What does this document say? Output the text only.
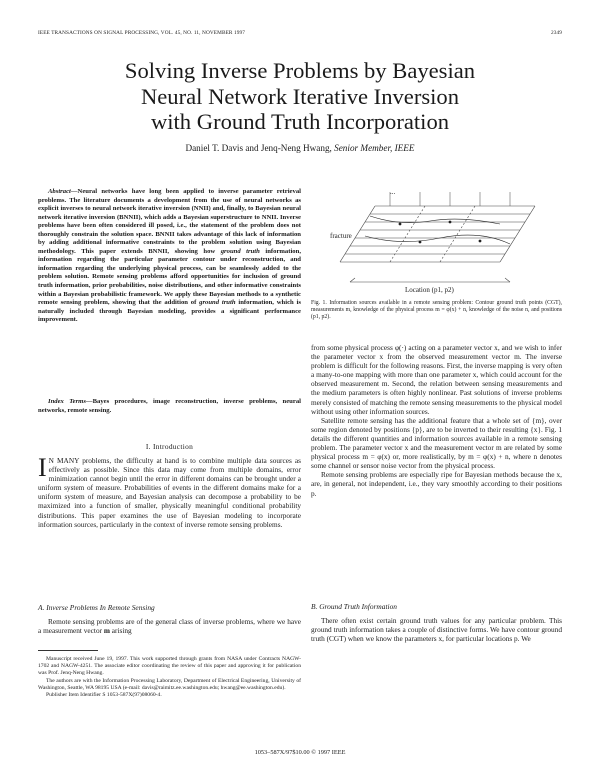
IEEE TRANSACTIONS ON SIGNAL PROCESSING, VOL. 45, NO. 11, NOVEMBER 1997	2349
Solving Inverse Problems by Bayesian
Neural Network Iterative Inversion
with Ground Truth Incorporation
Daniel T. Davis and Jenq-Neng Hwang, Senior Member, IEEE
Abstract—Neural networks have long been applied to inverse parameter retrieval problems. The literature documents a development from the use of neural networks as explicit inverses to neural network iterative inversion (NNII) and, finally, to Bayesian neural network iterative inversion (BNNII), which adds a Bayesian superstructure to NNII. Inverse problems have been often considered ill posed, i.e., the statement of the problem does not thoroughly constrain the solution space. BNNII takes advantage of this lack of information by adding additional informative constraints to the problem solution using Bayesian methodology. This paper extends BNNII, showing how ground truth information, information regarding the particular parameter contour under reconstruction, and information regarding the underlying physical process, can be seamlessly added to the problem solution. Remote sensing problems afford opportunities for inclusion of ground truth information, prior probabilities, noise distributions, and other informative constraints within a Bayesian probabilistic framework. We apply these Bayesian methods to a synthetic remote sensing problem, showing that the addition of ground truth information, which is naturally included through Bayesian modeling, provides a significant performance improvement.
Index Terms—Bayes procedures, image reconstruction, inverse problems, neural networks, remote sensing.
I. Introduction
I N MANY problems, the difficulty at hand is to combine multiple data sources as effectively as possible. Since this data may come from multiple domains, error minimization cannot begin until the error in different domains can be brought under a uniform system of measure. Probabilities of events in the different domains make for a uniform system of measure, and Bayesian analysis can decompose a probability to be maximized into a function of smaller, physically meaningful conditional probability distributions. This paper examines the use of Bayesian modeling to incorporate information sources, particularly in the context of inverse remote sensing problems.
A. Inverse Problems In Remote Sensing
Remote sensing problems are of the general class of inverse problems, where we have a measurement vector m arising

Manuscript received June 19, 1997. This work supported through grants from NASA under Contracts NAGW-1702 and NAGW-4251. The associate editor coordinating the review of this paper and approving it for publication was Prof. Jenq-Neng Hwang.

The authors are with the Information Processing Laboratory, Department of Electrical Engineering, University of Washington, Seattle, WA 98195 USA (e-mail: davis@raimitz.ee.washington.edu; hwang@ee.washington.edu).

Publisher Item Identifier S 1053-587X(97)08060-4.

...
fracture
Location (p1, p2)
Fig. 1. Information sources available in a remote sensing problem: Contour ground truth points (CGT), measurements m, knowledge of the physical process m = φ(x) + n, knowledge of the noise n, and positions (p1, p2).

from some physical process φ(·) acting on a parameter vector x, and we wish to infer the parameter vector x from the observed measurement vector m. The inverse problem is difficult for the following reasons. First, the inverse mapping is very often a many-to-one mapping with more than one parameter x, which could account for the observed measurement m. Second, the relation between sensing measurements and the medium parameters is often highly nonlinear. Past solutions of inverse problems merely consisted of matching the remote sensing measurements to the physical model without using other information sources.

Satellite remote sensing has the additional feature that a whole set of {m}, over some region denoted by positions {p}, are to be inverted to their resulting {x}. Fig. 1 details the different quantities and information sources available in a remote sensing problem. The parameter vector x and the measurement vector m are related by some physical process m = φ(x) or, more realistically, by m = φ(x) + n, where n denotes some channel or sensor noise vector from the physical process.

Remote sensing problems are especially ripe for Bayesian methods because the x, are, in general, not independent, i.e., they vary smoothly according to their positions p.

B. Ground Truth Information
There often exist certain ground truth values for any particular problem. This ground truth information takes a couple of distinctive forms. We have contour ground truth (CGT) when we know the parameters x, for particular locations p. We
1053–587X/97$10.00 © 1997 IEEE
